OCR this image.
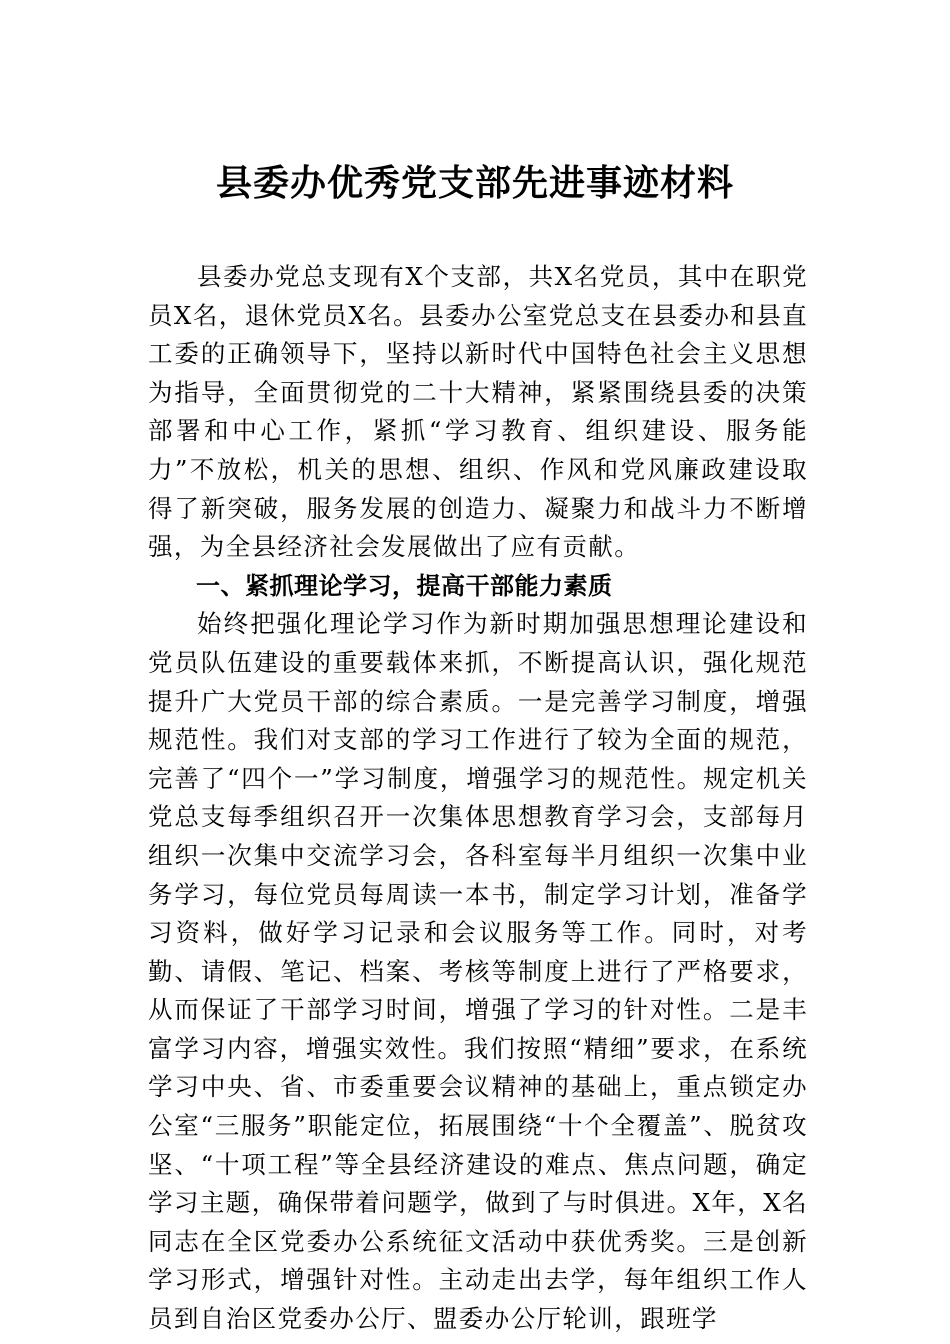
县委办优秀党支部先进事迹材料

县委办党总支现有X个支部，共X名党员，其中在职党员X名，退休党员X名。县委办公室党总支在县委办和县直工委的正确领导下，坚持以新时代中国特色社会主义思想为指导，全面贯彻党的二十大精神，紧紧围绕县委的决策部署和中心工作，紧抓“学习教育、组织建设、服务能力”不放松，机关的思想、组织、作风和党风廉政建设取得了新突破，服务发展的创造力、凝聚力和战斗力不断增强，为全县经济社会发展做出了应有贡献。

一、紧抓理论学习，提高干部能力素质

始终把强化理论学习作为新时期加强思想理论建设和党员队伍建设的重要载体来抓，不断提高认识，强化规范提升广大党员干部的综合素质。一是完善学习制度，增强规范性。我们对支部的学习工作进行了较为全面的规范，完善了“四个一”学习制度，增强学习的规范性。规定机关党总支每季组织召开一次集体思想教育学习会，支部每月组织一次集中交流学习会，各科室每半月组织一次集中业务学习，每位党员每周读一本书，制定学习计划，准备学习资料，做好学习记录和会议服务等工作。同时，对考勤、请假、笔记、档案、考核等制度上进行了严格要求，从而保证了干部学习时间，增强了学习的针对性。二是丰富学习内容，增强实效性。我们按照“精细”要求，在系统学习中央、省、市委重要会议精神的基础上，重点锁定办公室“三服务”职能定位，拓展围绕“十个全覆盖”、脱贫攻坚、“十项工程”等全县经济建设的难点、焦点问题，确定学习主题，确保带着问题学，做到了与时俱进。X年，X名同志在全区党委办公系统征文活动中获优秀奖。三是创新学习形式，增强针对性。主动走出去学，每年组织工作人员到自治区党委办公厅、盟委办公厅轮训，跟班学
